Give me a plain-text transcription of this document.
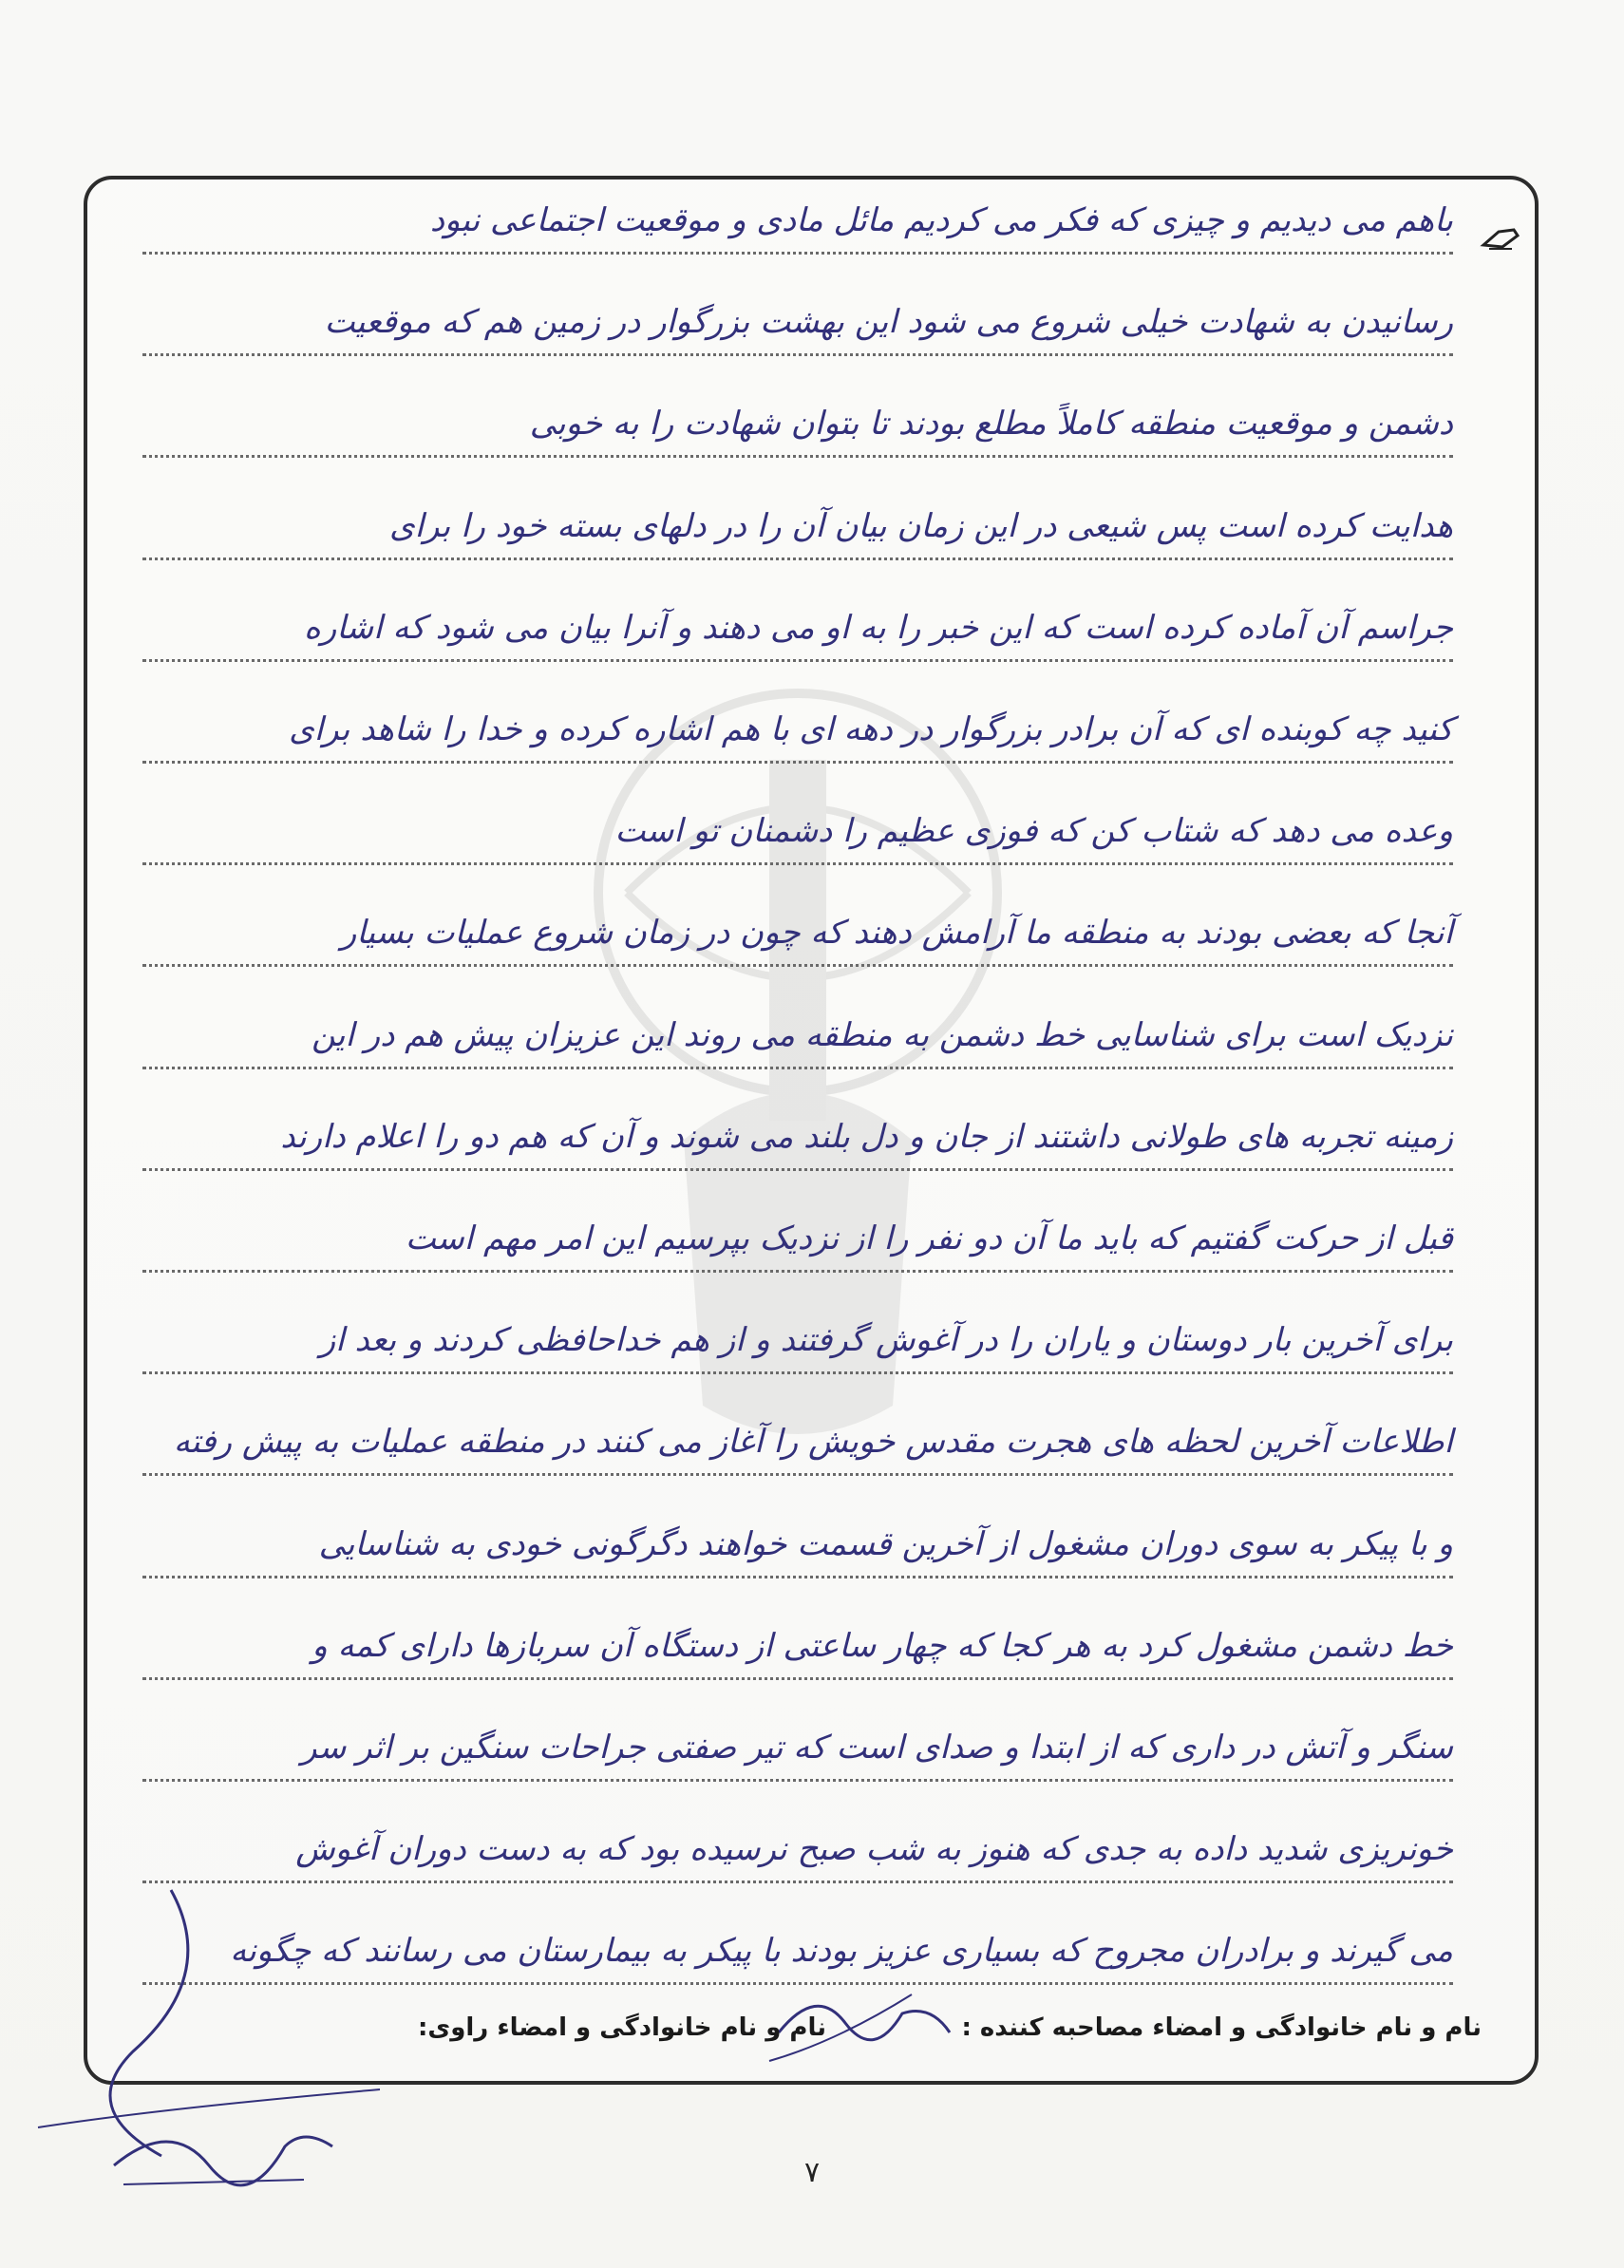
باهم می دیدیم و چیزی که فکر می کردیم مائل مادی و موقعیت اجتماعی نبود
رسانیدن به شهادت خیلی شروع می شود این بهشت بزرگوار در زمین هم که موقعیت
دشمن و موقعیت منطقه کاملاً مطلع بودند تا بتوان شهادت را به خوبی
هدایت کرده است پس شیعی در این زمان بیان آن را در دلهای بسته خود را برای
جراسم آن آماده کرده است که این خبر را به او می دهند و آنرا بیان می شود که اشاره
کنید چه کوبنده ای که آن برادر بزرگوار در دهه ای با هم اشاره کرده و خدا را شاهد برای
وعده می دهد که شتاب کن که فوزی عظیم را دشمنان تو است
آنجا که بعضی بودند به منطقه ما آرامش دهند که چون در زمان شروع عملیات بسیار
نزدیک است برای شناسایی خط دشمن به منطقه می روند این عزیزان پیش هم در این
زمینه تجربه های طولانی داشتند از جان و دل بلند می شوند و آن که هم دو را اعلام دارند
قبل از حرکت گفتیم که باید ما آن دو نفر را از نزدیک بپرسیم این امر مهم است
برای آخرین بار دوستان و یاران را در آغوش گرفتند و از هم خداحافظی کردند و بعد از
اطلاعات آخرین لحظه های هجرت مقدس خویش را آغاز می کنند در منطقه عملیات به پیش رفته
و با پیکر به سوی دوران مشغول از آخرین قسمت خواهند دگرگونی خودی به شناسایی
خط دشمن مشغول کرد به هر کجا که چهار ساعتی از دستگاه آن سربازها دارای کمه و
سنگر و آتش در داری که از ابتدا و صدای است که تیر صفتی جراحات سنگین بر اثر سر
خونریزی شدید داده به جدی که هنوز به شب صبح نرسیده بود که به دست دوران آغوش
می گیرند و برادران مجروح که بسیاری عزیز بودند با پیکر به بیمارستان می رسانند که چگونه
نام و نام خانوادگی و امضاء مصاحبه کننده :
نام و نام خانوادگی و امضاء راوی:
۷
